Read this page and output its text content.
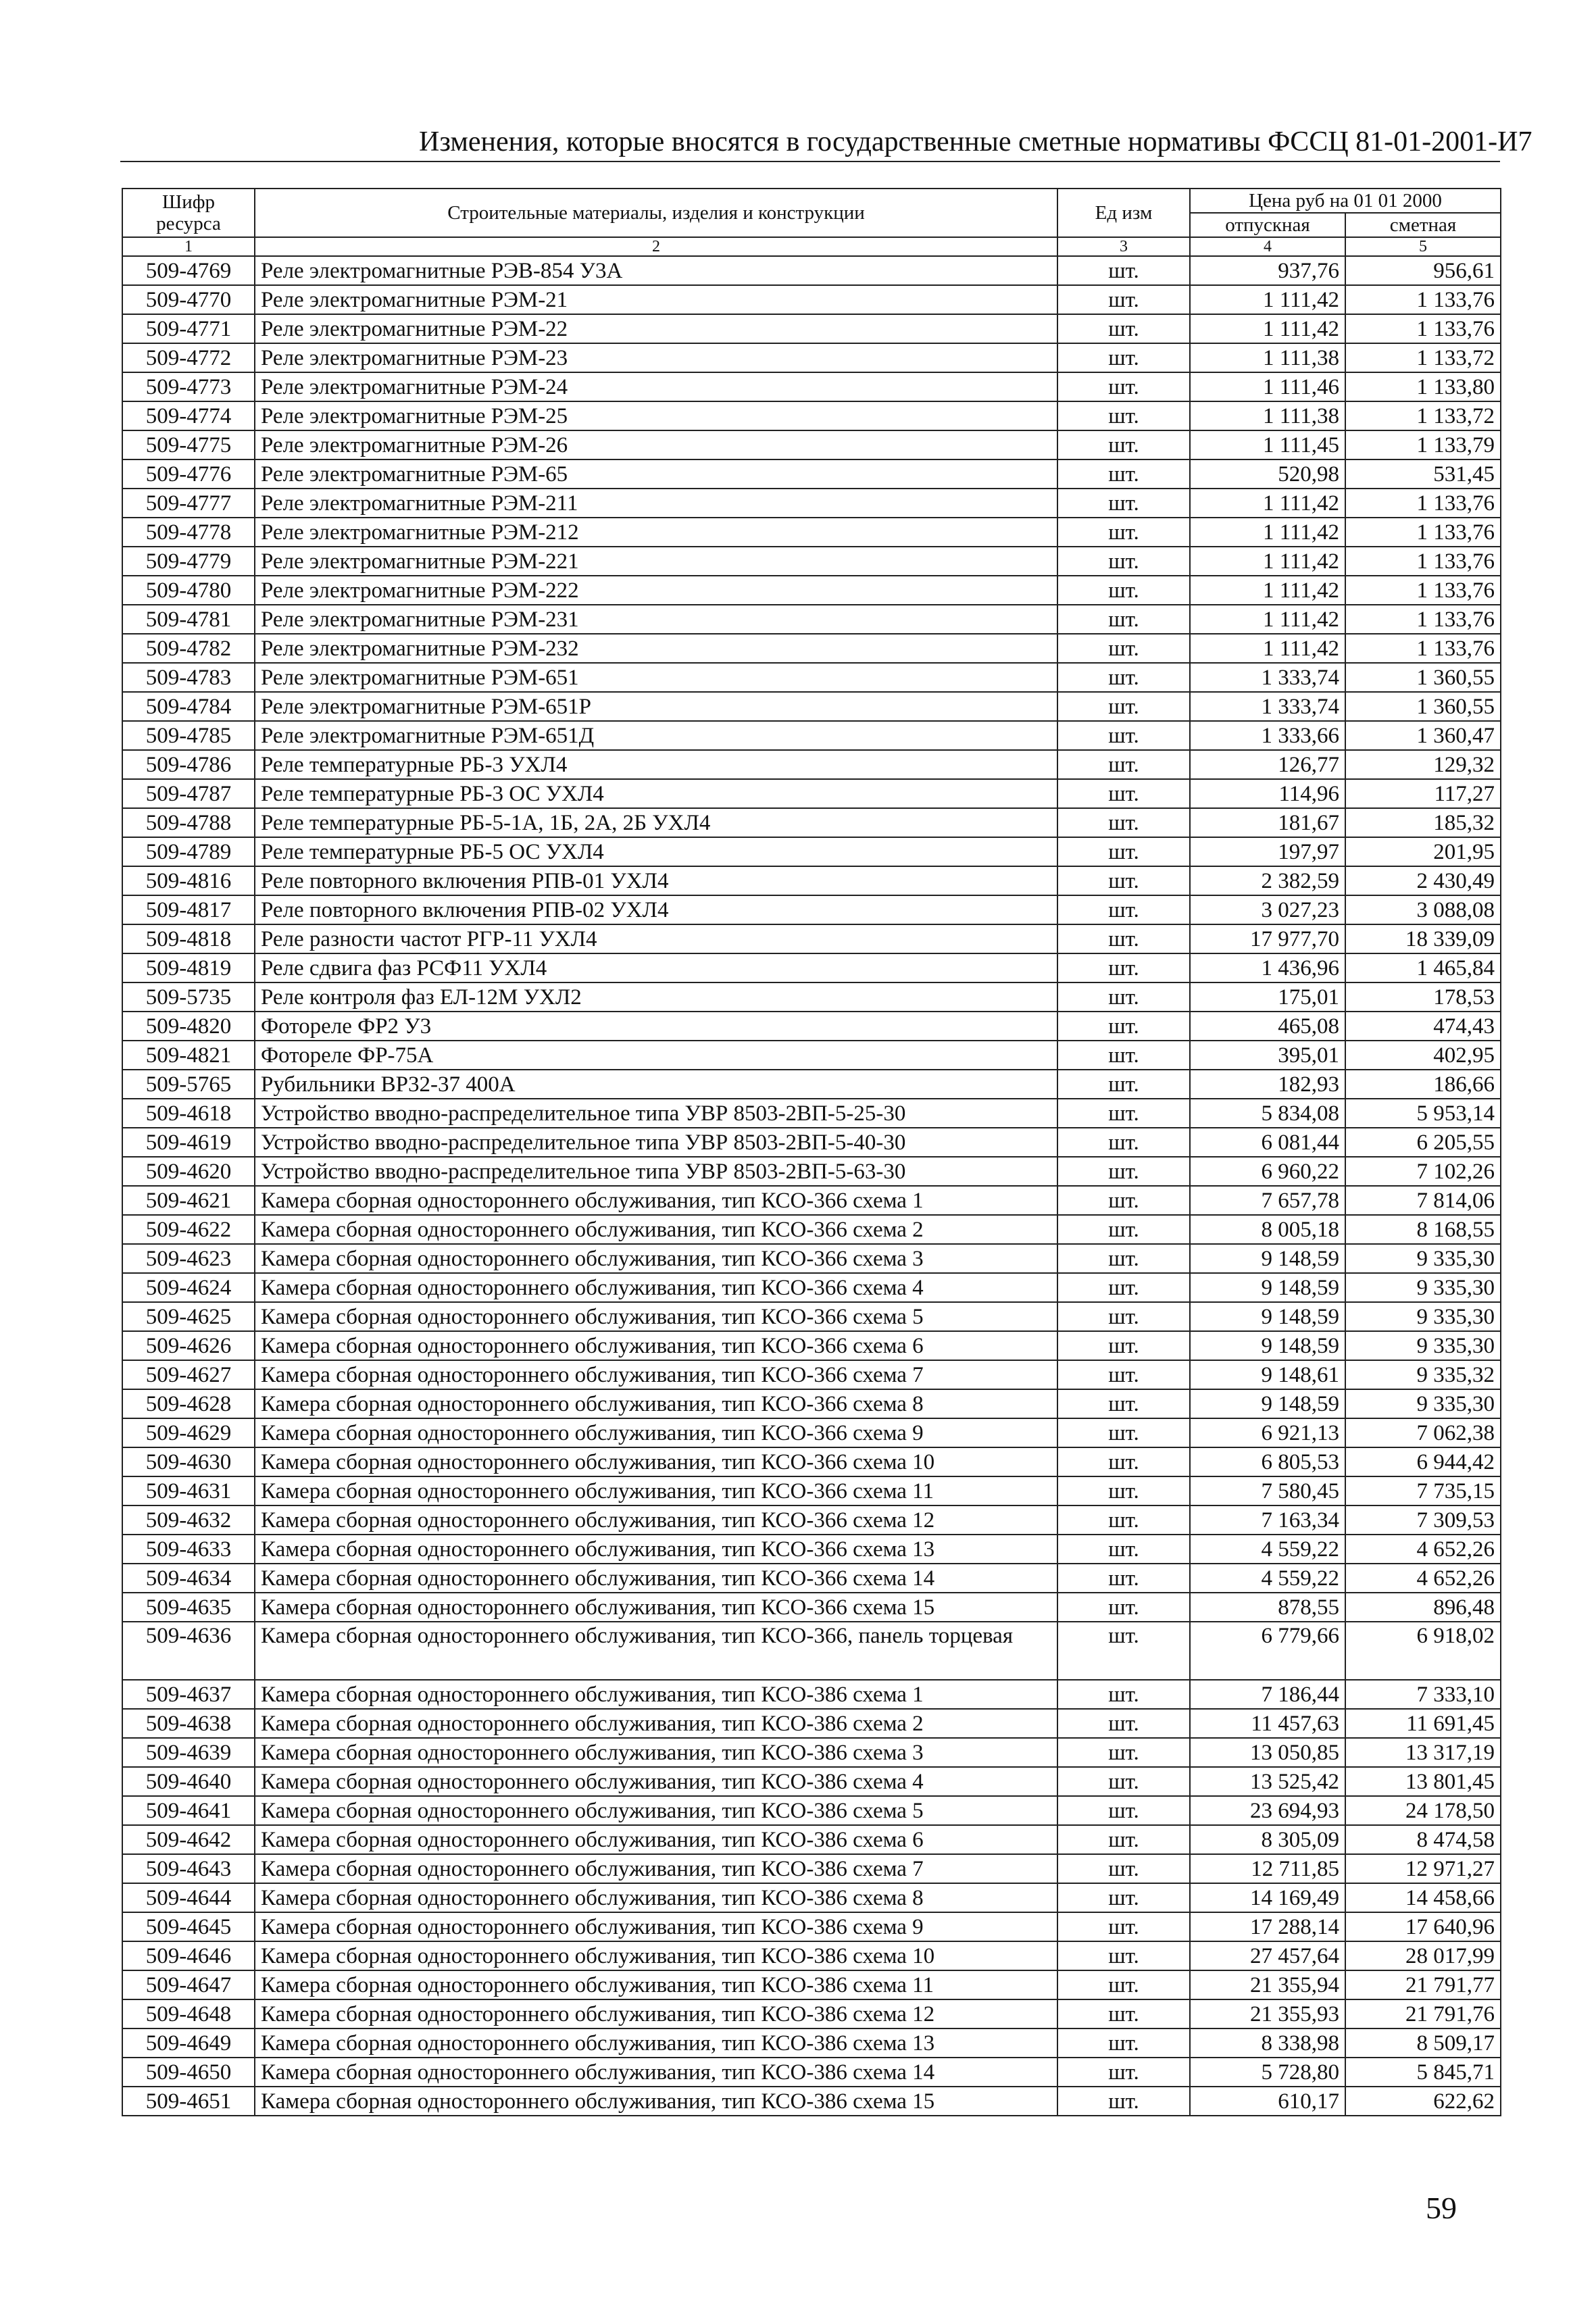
Изменения, которые вносятся в государственные сметные нормативы ФССЦ 81-01-2001-И7
Шифр ресурса	Строительные материалы, изделия и конструкции	Ед изм	Цена руб на 01 01 2000	
			отпускная	сметная
1	2	3	4	5
509-4769	Реле электромагнитные РЭВ-854 У3А	шт.	937,76	956,61
509-4770	Реле электромагнитные РЭМ-21	шт.	1 111,42	1 133,76
509-4771	Реле электромагнитные РЭМ-22	шт.	1 111,42	1 133,76
509-4772	Реле электромагнитные РЭМ-23	шт.	1 111,38	1 133,72
509-4773	Реле электромагнитные РЭМ-24	шт.	1 111,46	1 133,80
509-4774	Реле электромагнитные РЭМ-25	шт.	1 111,38	1 133,72
509-4775	Реле электромагнитные РЭМ-26	шт.	1 111,45	1 133,79
509-4776	Реле электромагнитные РЭМ-65	шт.	520,98	531,45
509-4777	Реле электромагнитные РЭМ-211	шт.	1 111,42	1 133,76
509-4778	Реле электромагнитные РЭМ-212	шт.	1 111,42	1 133,76
509-4779	Реле электромагнитные РЭМ-221	шт.	1 111,42	1 133,76
509-4780	Реле электромагнитные РЭМ-222	шт.	1 111,42	1 133,76
509-4781	Реле электромагнитные РЭМ-231	шт.	1 111,42	1 133,76
509-4782	Реле электромагнитные РЭМ-232	шт.	1 111,42	1 133,76
509-4783	Реле электромагнитные РЭМ-651	шт.	1 333,74	1 360,55
509-4784	Реле электромагнитные РЭМ-651Р	шт.	1 333,74	1 360,55
509-4785	Реле электромагнитные РЭМ-651Д	шт.	1 333,66	1 360,47
509-4786	Реле температурные РБ-3 УХЛ4	шт.	126,77	129,32
509-4787	Реле температурные РБ-3 ОС УХЛ4	шт.	114,96	117,27
509-4788	Реле температурные РБ-5-1А, 1Б, 2А, 2Б УХЛ4	шт.	181,67	185,32
509-4789	Реле температурные РБ-5 ОС УХЛ4	шт.	197,97	201,95
509-4816	Реле повторного включения РПВ-01 УХЛ4	шт.	2 382,59	2 430,49
509-4817	Реле повторного включения РПВ-02 УХЛ4	шт.	3 027,23	3 088,08
509-4818	Реле разности частот РГР-11 УХЛ4	шт.	17 977,70	18 339,09
509-4819	Реле сдвига фаз РСФ11 УХЛ4	шт.	1 436,96	1 465,84
509-5735	Реле контроля фаз ЕЛ-12М УХЛ2	шт.	175,01	178,53
509-4820	Фотореле ФР2 У3	шт.	465,08	474,43
509-4821	Фотореле ФР-75А	шт.	395,01	402,95
509-5765	Рубильники ВР32-37 400А	шт.	182,93	186,66
509-4618	Устройство вводно-распределительное типа УВР 8503-2ВП-5-25-30	шт.	5 834,08	5 953,14
509-4619	Устройство вводно-распределительное типа УВР 8503-2ВП-5-40-30	шт.	6 081,44	6 205,55
509-4620	Устройство вводно-распределительное типа УВР 8503-2ВП-5-63-30	шт.	6 960,22	7 102,26
509-4621	Камера сборная одностороннего обслуживания, тип КСО-366 схема 1	шт.	7 657,78	7 814,06
509-4622	Камера сборная одностороннего обслуживания, тип КСО-366 схема 2	шт.	8 005,18	8 168,55
509-4623	Камера сборная одностороннего обслуживания, тип КСО-366 схема 3	шт.	9 148,59	9 335,30
509-4624	Камера сборная одностороннего обслуживания, тип КСО-366 схема 4	шт.	9 148,59	9 335,30
509-4625	Камера сборная одностороннего обслуживания, тип КСО-366 схема 5	шт.	9 148,59	9 335,30
509-4626	Камера сборная одностороннего обслуживания, тип КСО-366 схема 6	шт.	9 148,59	9 335,30
509-4627	Камера сборная одностороннего обслуживания, тип КСО-366 схема 7	шт.	9 148,61	9 335,32
509-4628	Камера сборная одностороннего обслуживания, тип КСО-366 схема 8	шт.	9 148,59	9 335,30
509-4629	Камера сборная одностороннего обслуживания, тип КСО-366 схема 9	шт.	6 921,13	7 062,38
509-4630	Камера сборная одностороннего обслуживания, тип КСО-366 схема 10	шт.	6 805,53	6 944,42
509-4631	Камера сборная одностороннего обслуживания, тип КСО-366 схема 11	шт.	7 580,45	7 735,15
509-4632	Камера сборная одностороннего обслуживания, тип КСО-366 схема 12	шт.	7 163,34	7 309,53
509-4633	Камера сборная одностороннего обслуживания, тип КСО-366 схема 13	шт.	4 559,22	4 652,26
509-4634	Камера сборная одностороннего обслуживания, тип КСО-366 схема 14	шт.	4 559,22	4 652,26
509-4635	Камера сборная одностороннего обслуживания, тип КСО-366 схема 15	шт.	878,55	896,48
509-4636	Камера сборная одностороннего обслуживания, тип КСО-366, панель торцевая	шт.	6 779,66	6 918,02
509-4637	Камера сборная одностороннего обслуживания, тип КСО-386 схема 1	шт.	7 186,44	7 333,10
509-4638	Камера сборная одностороннего обслуживания, тип КСО-386 схема 2	шт.	11 457,63	11 691,45
509-4639	Камера сборная одностороннего обслуживания, тип КСО-386 схема 3	шт.	13 050,85	13 317,19
509-4640	Камера сборная одностороннего обслуживания, тип КСО-386 схема 4	шт.	13 525,42	13 801,45
509-4641	Камера сборная одностороннего обслуживания, тип КСО-386 схема 5	шт.	23 694,93	24 178,50
509-4642	Камера сборная одностороннего обслуживания, тип КСО-386 схема 6	шт.	8 305,09	8 474,58
509-4643	Камера сборная одностороннего обслуживания, тип КСО-386 схема 7	шт.	12 711,85	12 971,27
509-4644	Камера сборная одностороннего обслуживания, тип КСО-386 схема 8	шт.	14 169,49	14 458,66
509-4645	Камера сборная одностороннего обслуживания, тип КСО-386 схема 9	шт.	17 288,14	17 640,96
509-4646	Камера сборная одностороннего обслуживания, тип КСО-386 схема 10	шт.	27 457,64	28 017,99
509-4647	Камера сборная одностороннего обслуживания, тип КСО-386 схема 11	шт.	21 355,94	21 791,77
509-4648	Камера сборная одностороннего обслуживания, тип КСО-386 схема 12	шт.	21 355,93	21 791,76
509-4649	Камера сборная одностороннего обслуживания, тип КСО-386 схема 13	шт.	8 338,98	8 509,17
509-4650	Камера сборная одностороннего обслуживания, тип КСО-386 схема 14	шт.	5 728,80	5 845,71
509-4651	Камера сборная одностороннего обслуживания, тип КСО-386 схема 15	шт.	610,17	622,62
59
